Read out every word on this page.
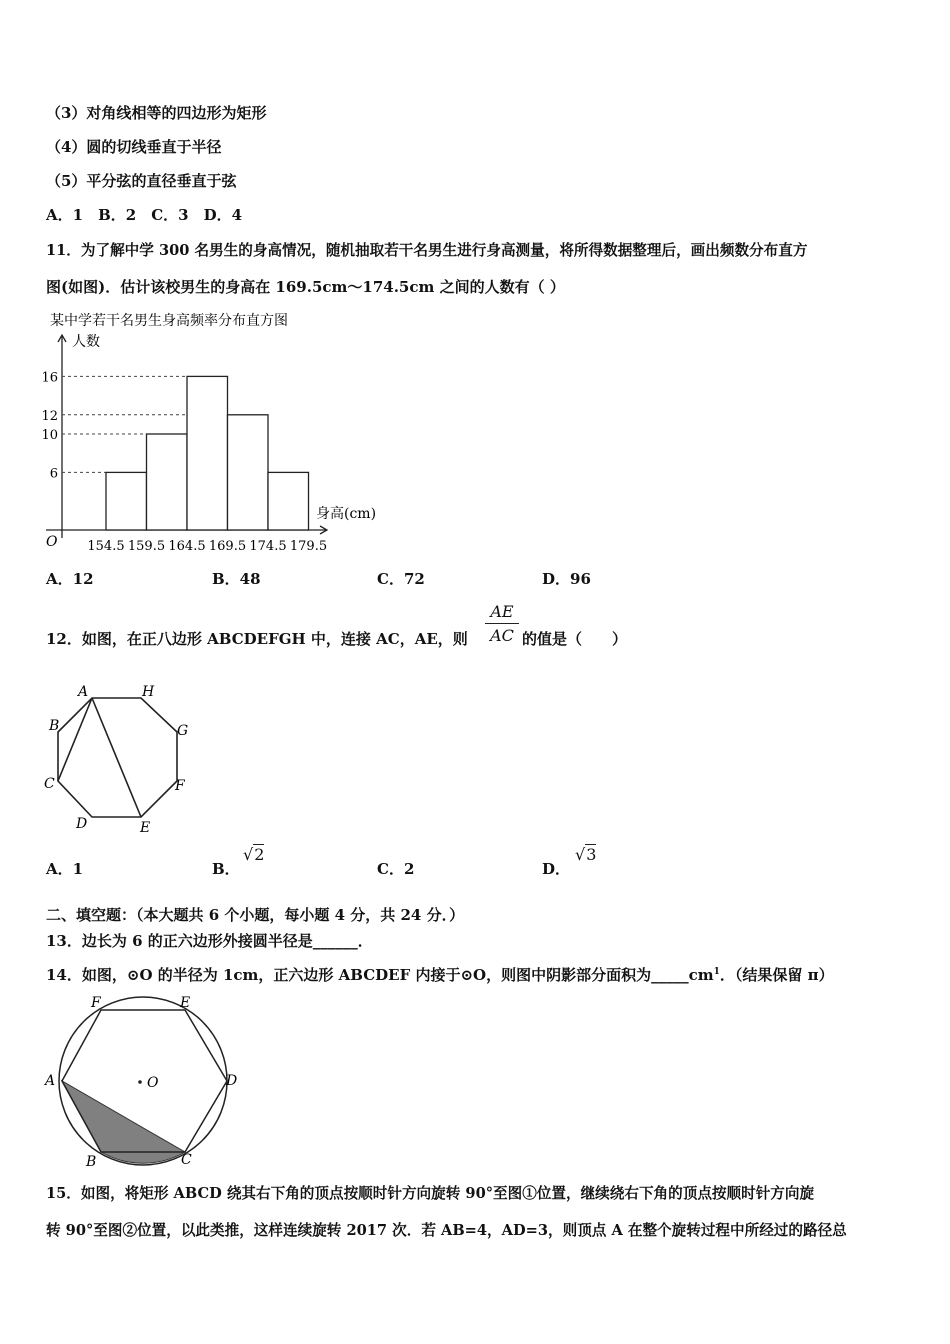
（3）对角线相等的四边形为矩形
（4）圆的切线垂直于半径
（5）平分弦的直径垂直于弦
A．1　B．2　C．3　D．4
11．为了解中学 300 名男生的身高情况，随机抽取若干名男生进行身高测量，将所得数据整理后，画出频数分布直方
图(如图)．估计该校男生的身高在 169.5cm～174.5cm 之间的人数有（ ）
某中学若干名男生身高频率分布直方图
人数
身高(cm)
O
6
10
12
16
154.5 159.5 164.5 169.5 174.5 179.5
A．12	B．48	C．72	D．96
12．如图，在正八边形 ABCDEFGH 中，连接 AC，AE，则
AE
AC 的值是（　　）
A
B
C
D	E
F
G
H
A．1	B．
√2
C．2	D．
√3
二、填空题：（本大题共 6 个小题，每小题 4 分，共 24 分．）
13．边长为 6 的正六边形外接圆半径是______．
14．如图，⊙O 的半径为 1cm，正六边形 ABCDEF 内接于⊙O，则图中阴影部分面积为$\_\_\_\_\_cm^1$．（结果保留 π）
O
A
B	C
D
E
F
15．如图，将矩形 ABCD 绕其右下角的顶点按顺时针方向旋转 90°至图①位置，继续绕右下角的顶点按顺时针方向旋
转 90°至图②位置，以此类推，这样连续旋转 2017 次．若 AB=4，AD=3，则顶点 A 在整个旋转过程中所经过的路径总
